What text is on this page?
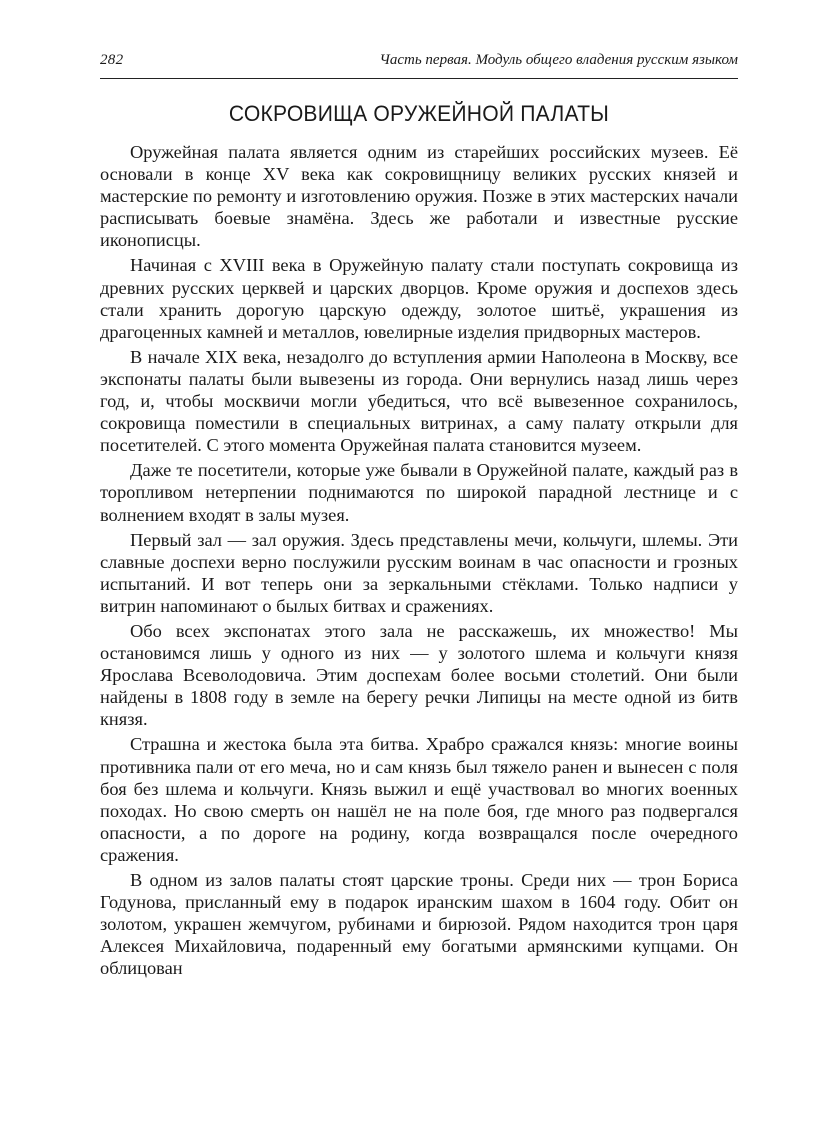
282	Часть первая. Модуль общего владения русским языком
СОКРОВИЩА ОРУЖЕЙНОЙ ПАЛАТЫ

Оружейная палата является одним из старейших российских музеев. Её основали в конце XV века как сокровищницу великих русских князей и мастерские по ремонту и изготовлению оружия. Позже в этих мастерских начали расписывать боевые знамёна. Здесь же работали и известные русские иконописцы.

Начиная с XVIII века в Оружейную палату стали поступать сокровища из древних русских церквей и царских дворцов. Кроме оружия и доспехов здесь стали хранить дорогую царскую одежду, золотое шитьё, украшения из драгоценных камней и металлов, ювелирные изделия придворных мастеров.

В начале XIX века, незадолго до вступления армии Наполеона в Москву, все экспонаты палаты были вывезены из города. Они вернулись назад лишь через год, и, чтобы москвичи могли убедиться, что всё вывезенное сохранилось, сокровища поместили в специальных витринах, а саму палату открыли для посетителей. С этого момента Оружейная палата становится музеем.

Даже те посетители, которые уже бывали в Оружейной палате, каждый раз в торопливом нетерпении поднимаются по широкой парадной лестнице и с волнением входят в залы музея.

Первый зал — зал оружия. Здесь представлены мечи, кольчуги, шлемы. Эти славные доспехи верно послужили русским воинам в час опасности и грозных испытаний. И вот теперь они за зеркальными стёклами. Только надписи у витрин напоминают о былых битвах и сражениях.

Обо всех экспонатах этого зала не расскажешь, их множество! Мы остановимся лишь у одного из них — у золотого шлема и кольчуги князя Ярослава Всеволодовича. Этим доспехам более восьми столетий. Они были найдены в 1808 году в земле на берегу речки Липицы на месте одной из битв князя.

Страшна и жестока была эта битва. Храбро сражался князь: многие воины противника пали от его меча, но и сам князь был тяжело ранен и вынесен с поля боя без шлема и кольчуги. Князь выжил и ещё участвовал во многих военных походах. Но свою смерть он нашёл не на поле боя, где много раз подвергался опасности, а по дороге на родину, когда возвращался после очередного сражения.

В одном из залов палаты стоят царские троны. Среди них — трон Бориса Годунова, присланный ему в подарок иранским шахом в 1604 году. Обит он золотом, украшен жемчугом, рубинами и бирюзой. Рядом находится трон царя Алексея Михайловича, подаренный ему богатыми армянскими купцами. Он облицован
